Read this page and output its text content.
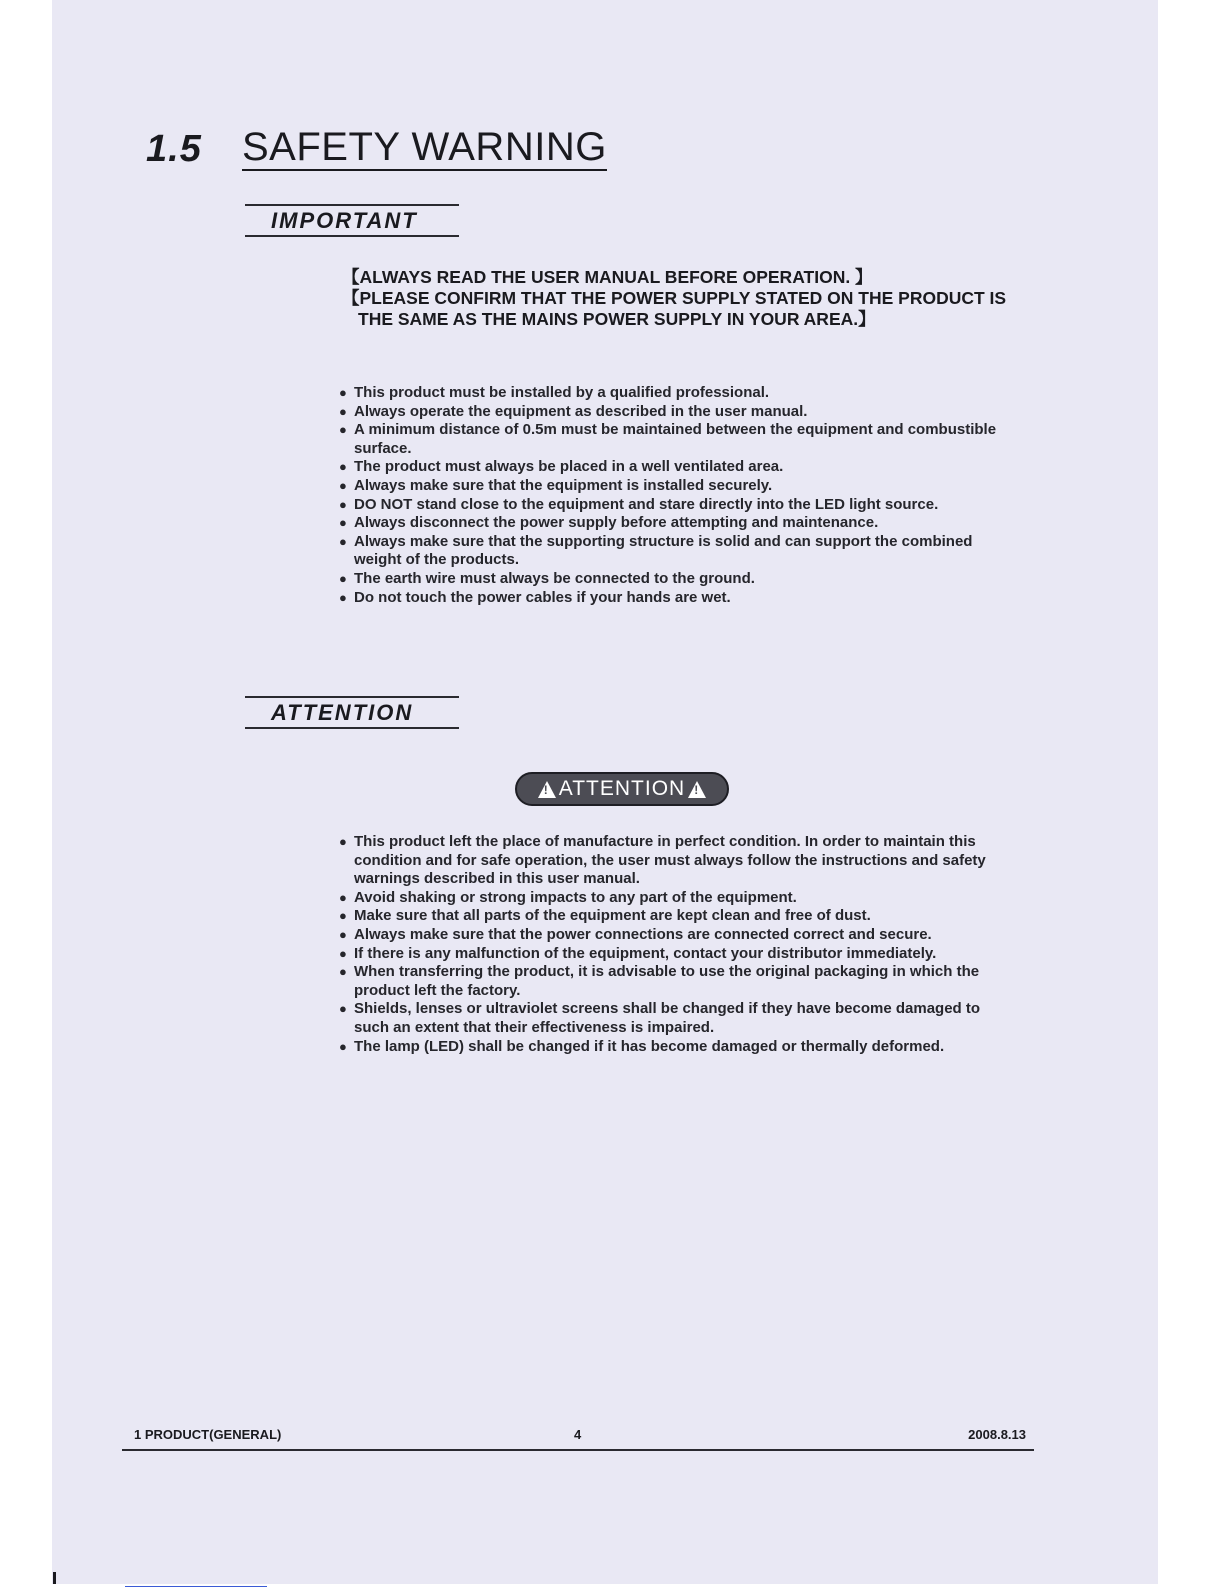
1.5 SAFETY WARNING
IMPORTANT

【ALWAYS READ THE USER MANUAL BEFORE OPERATION. 】

【PLEASE CONFIRM THAT THE POWER SUPPLY STATED ON THE PRODUCT IS THE SAME AS THE MAINS POWER SUPPLY IN YOUR AREA.】

● This product must be installed by a qualified professional.
● Always operate the equipment as described in the user manual.
● A minimum distance of 0.5m must be maintained between the equipment and combustible surface.
● The product must always be placed in a well ventilated area.
● Always make sure that the equipment is installed securely.
● DO NOT stand close to the equipment and stare directly into the LED light source.
● Always disconnect the power supply before attempting and maintenance.
● Always make sure that the supporting structure is solid and can support the combined weight of the products.
● The earth wire must always be connected to the ground.
● Do not touch the power cables if your hands are wet.
ATTENTION
!
ATTENTION
!
● This product left the place of manufacture in perfect condition. In order to maintain this condition and for safe operation, the user must always follow the instructions and safety warnings described in this user manual.
● Avoid shaking or strong impacts to any part of the equipment.
● Make sure that all parts of the equipment are kept clean and free of dust.
● Always make sure that the power connections are connected correct and secure.
● If there is any malfunction of the equipment, contact your distributor immediately.
● When transferring the product, it is advisable to use the original packaging in which the product left the factory.
● Shields, lenses or ultraviolet screens shall be changed if they have become damaged to such an extent that their effectiveness is impaired.
● The lamp (LED) shall be changed if it has become damaged or thermally deformed.
1 PRODUCT(GENERAL)	4	2008.8.13
